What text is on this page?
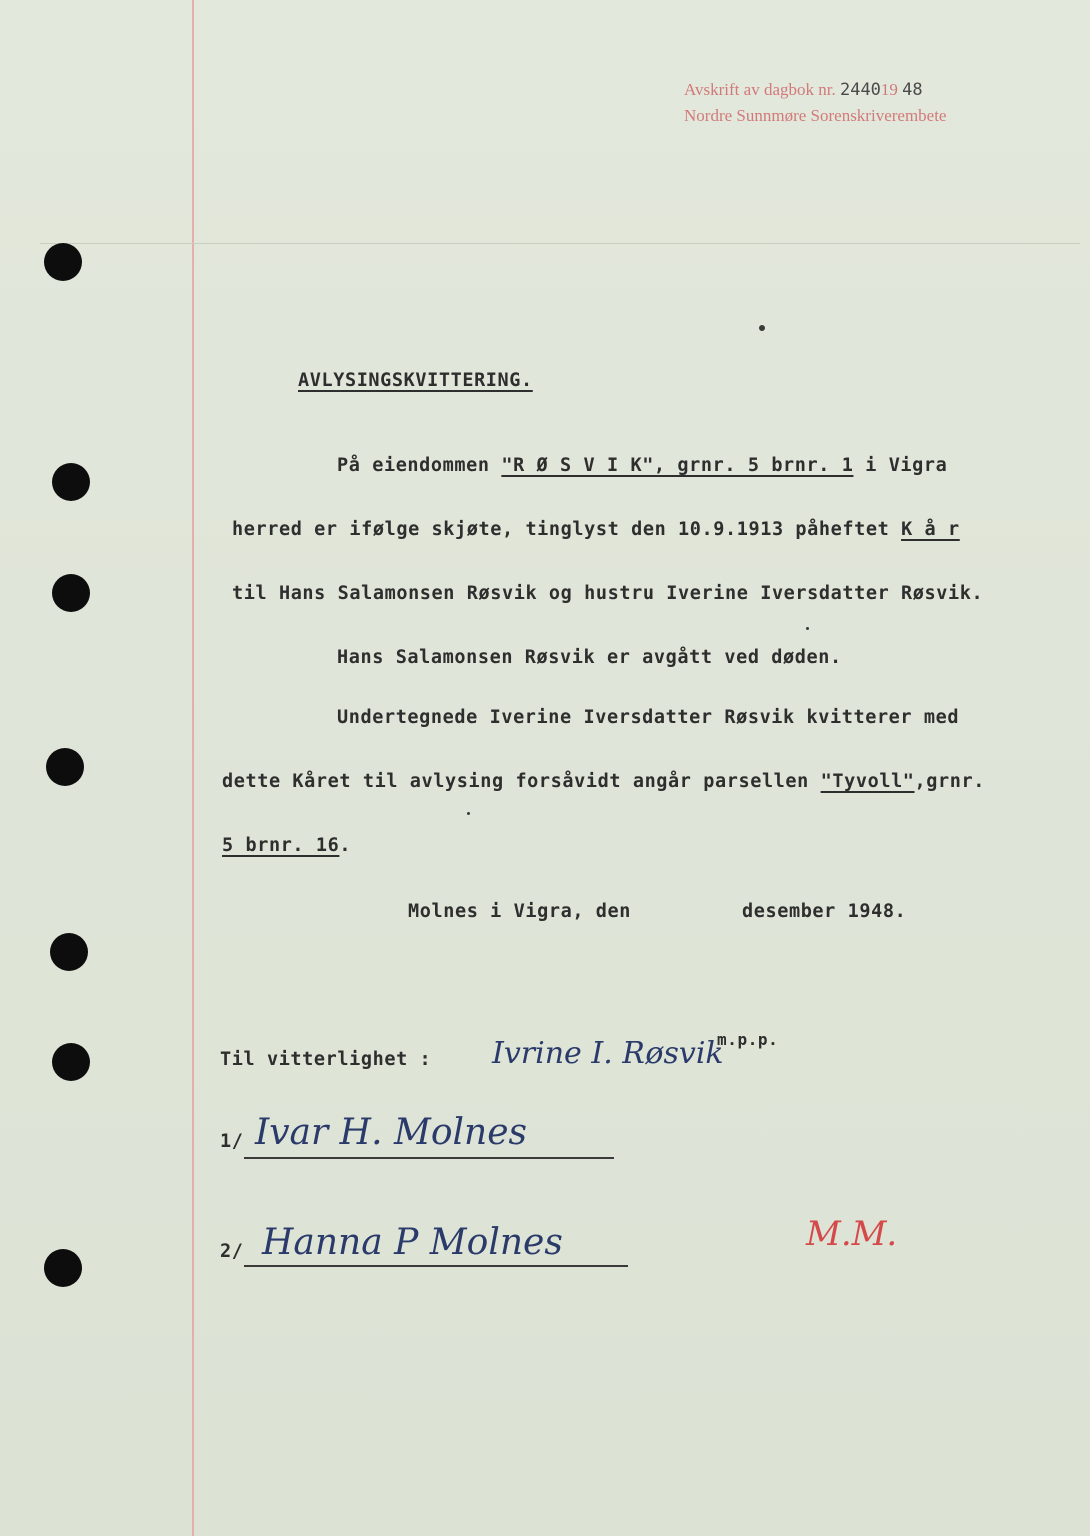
Avskrift av dagbok nr. 244019 48
Nordre Sunnmøre Sorenskriverembete
AVLYSINGSKVITTERING.
På eiendommen "R Ø S V I K", grnr. 5 brnr. 1 i Vigra
herred er ifølge skjøte, tinglyst den 10.9.1913 påheftet K å r
til Hans Salamonsen Røsvik og hustru Iverine Iversdatter Røsvik.
Hans Salamonsen Røsvik er avgått ved døden.
Undertegnede Iverine Iversdatter Røsvik kvitterer med
dette Kåret til avlysing forsåvidt angår parsellen "Tyvoll",grnr.
5 brnr. 16.
Molnes i Vigra, den	desember 1948.
m.p.p.
Til vitterlighet : Ivrine I. Røsvik
1/ Ivar H. Molnes
2/ Hanna P Molnes	M.M.
